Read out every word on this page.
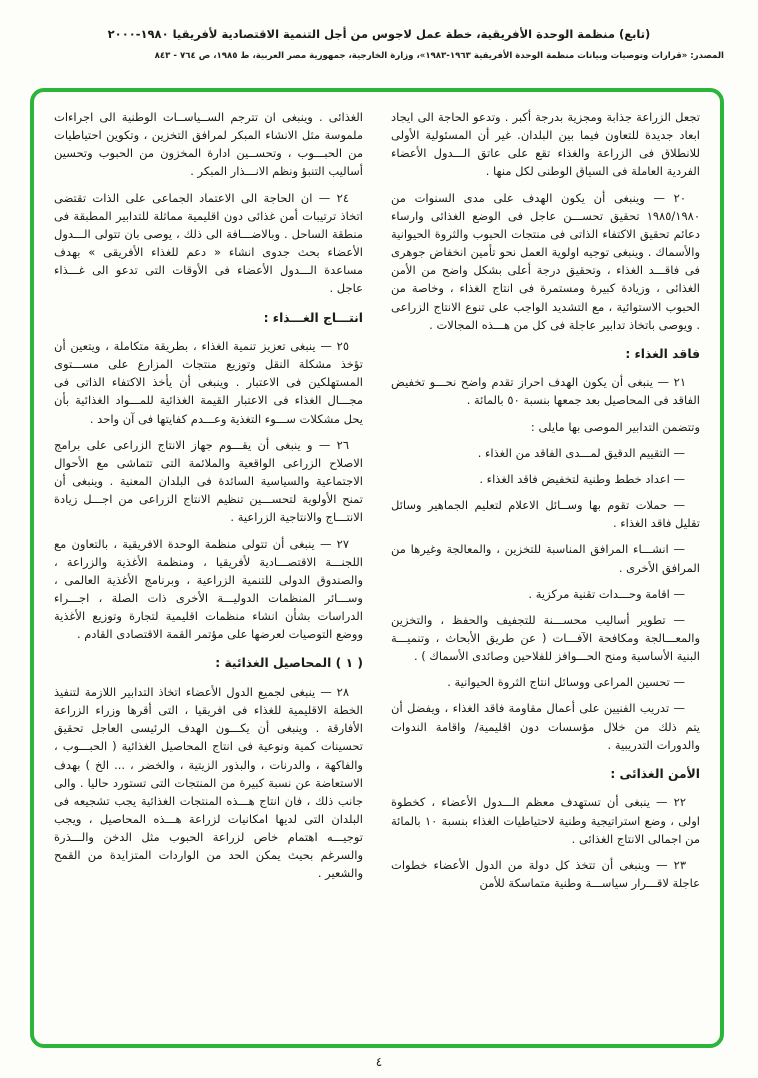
(تابع) منظمة الوحدة الأفريقية، خطة عمل لاجوس من أجل التنمية الاقتصادية لأفريقيا ١٩٨٠-٢٠٠٠
المصدر: «قرارات وتوصيات وبيانات منظمة الوحدة الأفريقية ١٩٦٣-١٩٨٣»، وزارة الخارجية، جمهورية مصر العربية، ط ١٩٨٥، ص ٧٦٤ - ٨٤٣

تجعل الزراعة جذابة ومجزية بدرجة أكبر . وتدعو الحاجة الى ايجاد ابعاد جديدة للتعاون فيما بين البلدان. غير أن المسئولية الأولى للانطلاق فى الزراعة والغذاء تقع على عاتق الـــدول الأعضاء الفردية العاملة فى السياق الوطنى لكل منها .

٢٠ — وينبغى أن يكون الهدف على مدى السنوات من ١٩٨٥/١٩٨٠ تحقيق تحســـن عاجل فى الوضع الغذائى وارساء دعائم تحقيق الاكتفاء الذاتى فى منتجات الحبوب والثروة الحيوانية والأسماك . وينبغى توجيه اولوية العمل نحو تأمين انخفاض جوهرى فى فاقـــد الغذاء ، وتحقيق درجة أعلى بشكل واضح من الأمن الغذائى ، وزيادة كبيرة ومستمرة فى انتاج الغذاء ، وخاصة من الحبوب الاستوائية ، مع التشديد الواجب على تنوع الانتاج الزراعى . ويوصى باتخاذ تدابير عاجلة فى كل من هـــذه المجالات .

فاقد الغذاء :

٢١ — ينبغى أن يكون الهدف احراز تقدم واضح نحـــو تخفيض الفاقد فى المحاصيل بعد جمعها بنسبة ٥٠ بالمائة .

وتتضمن التدابير الموصى بها مايلى :

— التقييم الدقيق لمـــدى الفاقد من الغذاء .

— اعداد خطط وطنية لتخفيض فاقد الغذاء .

— حملات تقوم بها وســائل الاعلام لتعليم الجماهير وسائل تقليل فاقد الغذاء .

— انشـــاء المرافق المناسبة للتخزين ، والمعالجة وغيرها من المرافق الأخرى .

— اقامة وحـــدات تقنية مركزية .

— تطوير أساليب محســـنة للتجفيف والحفظ ، والتخزين والمعـــالجة ومكافحة الآفـــات ( عن طريق الأبحاث ، وتنميـــة البنية الأساسية ومنح الحـــوافز للفلاحين وصائدى الأسماك ) .

— تحسين المراعى ووسائل انتاج الثروة الحيوانية .

— تدريب الفنيين على أعمال مقاومة فاقد الغذاء ، ويفضل أن يتم ذلك من خلال مؤسسات دون اقليمية/ واقامة الندوات والدورات التدريبية .

الأمن الغذائى :

٢٢ — ينبغى أن تستهدف معظم الـــدول الأعضاء ، كخطوة اولى ، وضع استراتيجية وطنية لاحتياطيات الغذاء بنسبة ١٠ بالمائة من اجمالى الانتاج الغذائى .

٢٣ — وينبغى أن تتخذ كل دولة من الدول الأعضاء خطوات عاجلة لاقـــرار سياســـة وطنية متماسكة للأمن

الغذائى . وينبغى ان تترجم الســياســات الوطنية الى اجراءات ملموسة مثل الانشاء المبكر لمرافق التخزين ، وتكوين احتياطيات من الحبـــوب ، وتحســين ادارة المخزون من الحبوب وتحسين أساليب التنبؤ ونظم الانـــذار المبكر .

٢٤ — ان الحاجة الى الاعتماد الجماعى على الذات تقتضى اتخاذ ترتيبات أمن غذائى دون اقليمية مماثلة للتدابير المطبقة فى منطقة الساحل . وبالاضـــافة الى ذلك ، يوصى بان تتولى الـــدول الأعضاء بحث جدوى انشاء « دعم للغذاء الأفريقى » بهدف مساعدة الـــدول الأعضاء فى الأوقات التى تدعو الى غـــذاء عاجل .

انتـــاج الغـــذاء :

٢٥ — ينبغى تعزيز تنمية الغذاء ، بطريقة متكاملة ، ويتعين أن تؤخذ مشكلة النقل وتوزيع منتجات المزارع على مســـتوى المستهلكين فى الاعتبار . وينبغى أن يأخذ الاكتفاء الذاتى فى مجـــال الغذاء فى الاعتبار القيمة الغذائية للمـــواد الغذائية بأن يحل مشكلات ســـوء التغذية وعـــدم كفايتها فى آن واحد .

٢٦ — و ينبغى أن يقـــوم جهاز الانتاج الزراعى على برامج الاصلاح الزراعى الواقعية والملائمة التى تتماشى مع الأحوال الاجتماعية والسياسية السائدة فى البلدان المعنية . وينبغى أن تمنح الأولوية لتحســـين تنظيم الانتاج الزراعى من اجـــل زيادة الانتـــاج والانتاجية الزراعية .

٢٧ — ينبغى أن تتولى منظمة الوحدة الافريقية ، بالتعاون مع اللجنـــة الاقتصـــادية لأفريقيا ، ومنظمة الأغذية والزراعة ، والصندوق الدولى للتنمية الزراعية ، وبرنامج الأغذية العالمى ، وســـائر المنظمات الدوليـــة الأخرى ذات الصلة ، اجـــراء الدراسات بشأن انشاء منظمات اقليمية لتجارة وتوزيع الأغذية ووضع التوصيات لعرضها على مؤتمر القمة الاقتصادى القادم .

( ١ ) المحاصيل الغذائية :

٢٨ — ينبغى لجميع الدول الأعضاء اتخاذ التدابير اللازمة لتنفيذ الخطة الاقليمية للغذاء فى افريقيا ، التى أقرها وزراء الزراعة الأفارقة . وينبغى أن يكـــون الهدف الرئيسى العاجل تحقيق تحسينات كمية ونوعية فى انتاج المحاصيل الغذائية ( الحبـــوب ، والفاكهة ، والدرنات ، والبذور الزيتية ، والخضر ، ... الخ ) بهدف الاستعاضة عن نسبة كبيرة من المنتجات التى تستورد حاليا . والى جانب ذلك ، فان انتاج هـــذه المنتجات الغذائية يجب تشجيعه فى البلدان التى لديها امكانيات لزراعة هـــذه المحاصيل ، ويجب توجيـــه اهتمام خاص لزراعة الحبوب مثل الدخن والـــذرة والسرغم بحيث يمكن الحد من الواردات المتزايدة من القمح والشعير .

٤
